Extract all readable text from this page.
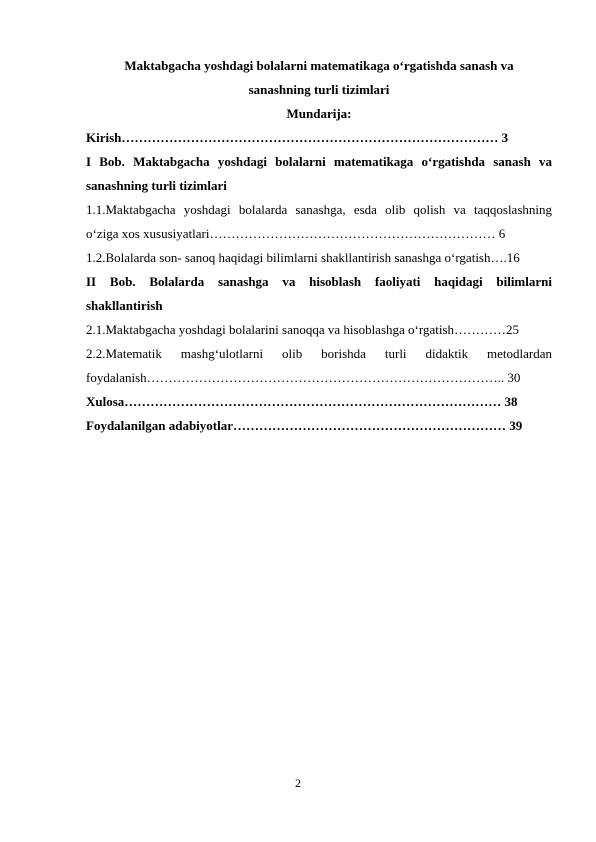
Maktabgacha yoshdagi bolalarni matematikaga o‘rgatishda sanash va
sanashning turli tizimlari
Mundarija:
Kirish…………………………………………………………………………… 3
I Bob. Maktabgacha yoshdagi bolalarni matematikaga o‘rgatishda sanash va
sanashning turli tizimlari
1.1.Maktabgacha yoshdagi bolalarda sanashga, esda olib qolish va taqqoslashning
o‘ziga xos xususiyatlari………………………………………………………… 6
1.2.Bolalarda son- sanoq haqidagi bilimlarni shakllantirish sanashga o‘rgatish….16
II Bob. Bolalarda sanashga va hisoblash faoliyati haqidagi bilimlarni
shakllantirish
2.1.Maktabgacha yoshdagi bolalarini sanoqqa va hisoblashga o‘rgatish…………25
2.2.Matematik mashg‘ulotlarni olib borishda turli didaktik metodlardan
foydalanish……………………………………………………………………….. 30
Xulosa…………………………………………………………………………… 38
Foydalanilgan adabiyotlar……………………………………………………… 39
2
